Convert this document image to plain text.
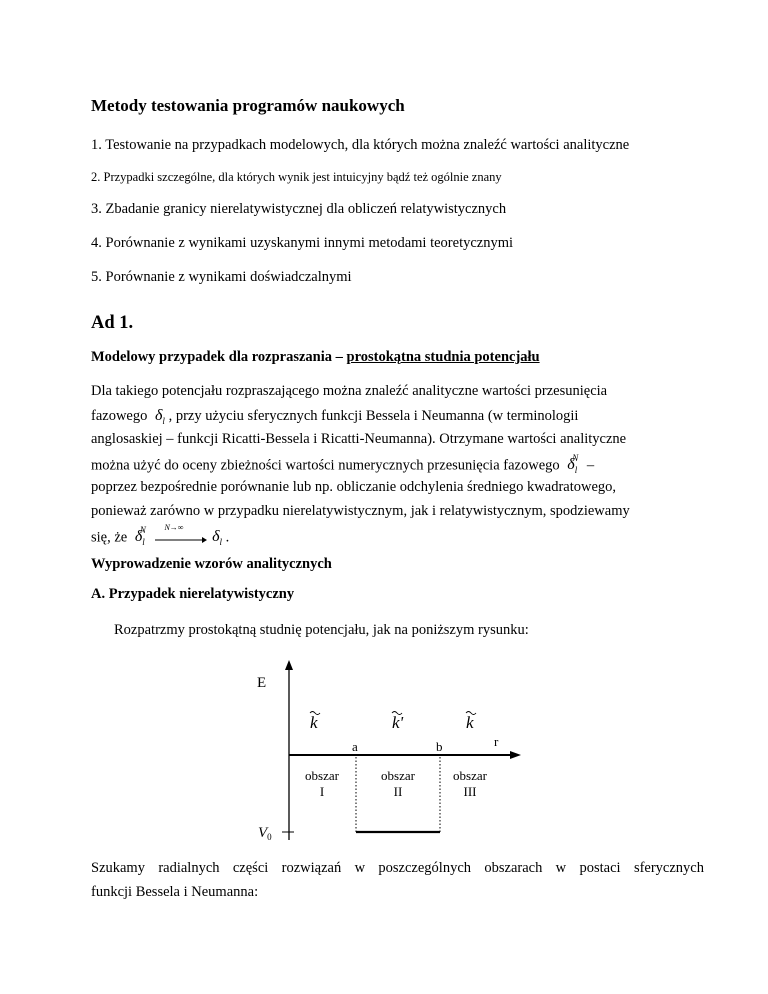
Metody testowania programów naukowych
1. Testowanie na przypadkach modelowych, dla których można znaleźć wartości analityczne
2. Przypadki szczególne, dla których wynik jest intuicyjny bądź też ogólnie znany
3. Zbadanie granicy nierelatywistycznej dla obliczeń relatywistycznych
4. Porównanie z wynikami uzyskanymi innymi metodami teoretycznymi
5. Porównanie z wynikami doświadczalnymi
Ad 1.
Modelowy przypadek dla rozpraszania – prostokątna studnia potencjału
Dla takiego potencjału rozpraszającego można znaleźć analityczne wartości przesunięcia
fazowego  $\delta_l$ , przy użyciu sferycznych funkcji Bessela i Neumanna (w terminologii
anglosaskiej – funkcji Ricatti-Bessela i Ricatti-Neumanna). Otrzymane wartości analityczne
można użyć do oceny zbieżności wartości numerycznych przesunięcia fazowego  $\delta_l^N$ –
poprzez bezpośrednie porównanie lub np. obliczanie odchylenia średniego kwadratowego,
ponieważ zarówno w przypadku nierelatywistycznym, jak i relatywistycznym, spodziewamy
się, że  $\delta_l^N$ N→∞
$\delta_l$ .
Wyprowadzenie wzorów analitycznych
A. Przypadek nierelatywistyczny
Rozpatrzmy prostokątną studnię potencjału, jak na poniższym rysunku:
E
r
k	k'	k
a	b
$V_0$
obszar
I
obszar
II
obszar
III
Szukamy radialnych części rozwiązań w poszczególnych obszarach w postaci sferycznych
funkcji Bessela i Neumanna:
